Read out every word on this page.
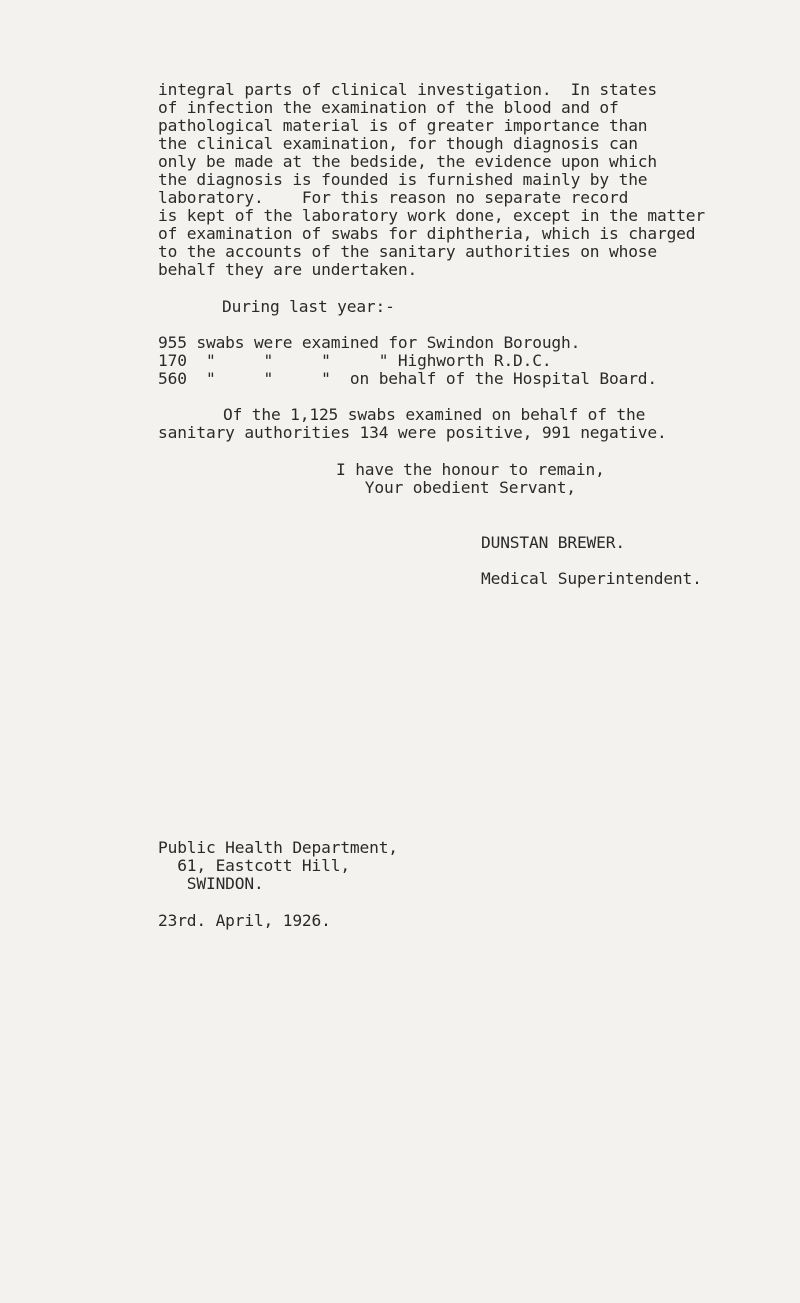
integral parts of clinical investigation.  In states
of infection the examination of the blood and of
pathological material is of greater importance than
the clinical examination, for though diagnosis can
only be made at the bedside, the evidence upon which
the diagnosis is founded is furnished mainly by the
laboratory.    For this reason no separate record
is kept of the laboratory work done, except in the matter
of examination of swabs for diphtheria, which is charged
to the accounts of the sanitary authorities on whose
behalf they are undertaken.
During last year:-
955 swabs were examined for Swindon Borough.
170  "     "     "     " Highworth R.D.C.
560  "     "     "  on behalf of the Hospital Board.
Of the 1,125 swabs examined on behalf of the
sanitary authorities 134 were positive, 991 negative.
I have the honour to remain,
Your obedient Servant,
DUNSTAN BREWER.
Medical Superintendent.
Public Health Department,
61, Eastcott Hill,
SWINDON.
23rd. April, 1926.
